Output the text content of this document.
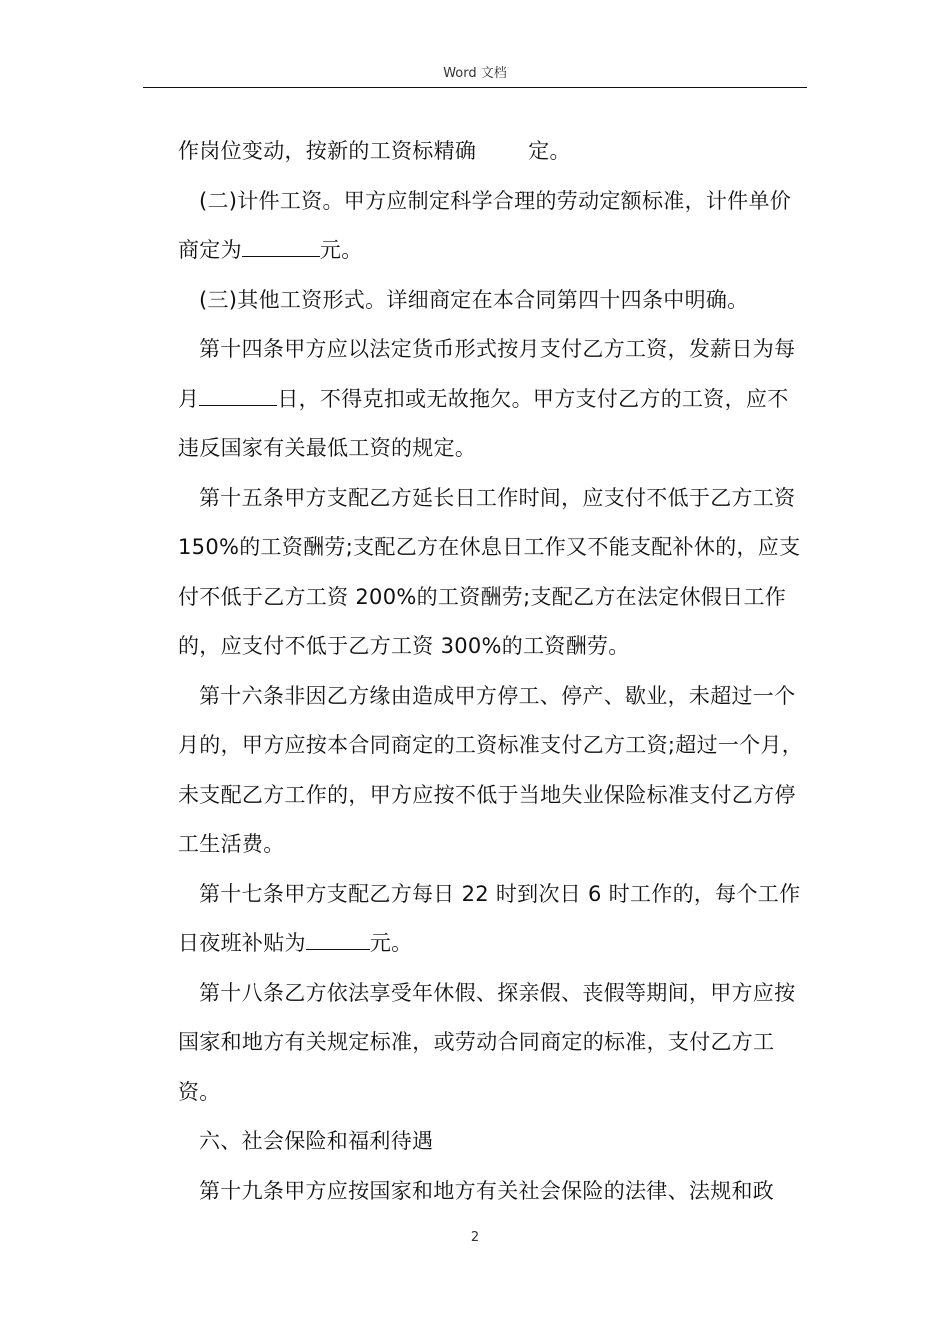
Word 文档

作岗位变动，按新的工资标精确 定。

(二)计件工资。甲方应制定科学合理的劳动定额标准，计件单价商定为	元。

(三)其他工资形式。详细商定在本合同第四十四条中明确。

第十四条甲方应以法定货币形式按月支付乙方工资，发薪日为每月	日，不得克扣或无故拖欠。甲方支付乙方的工资，应不违反国家有关最低工资的规定。

第十五条甲方支配乙方延长日工作时间，应支付不低于乙方工资 150%的工资酬劳;支配乙方在休息日工作又不能支配补休的，应支付不低于乙方工资 200%的工资酬劳;支配乙方在法定休假日工作的，应支付不低于乙方工资 300%的工资酬劳。

第十六条非因乙方缘由造成甲方停工、停产、歇业，未超过一个月的，甲方应按本合同商定的工资标准支付乙方工资;超过一个月，未支配乙方工作的，甲方应按不低于当地失业保险标准支付乙方停工生活费。

第十七条甲方支配乙方每日 22 时到次日 6 时工作的，每个工作日夜班补贴为	元。

第十八条乙方依法享受年休假、探亲假、丧假等期间，甲方应按国家和地方有关规定标准，或劳动合同商定的标准，支付乙方工资。

六、社会保险和福利待遇

第十九条甲方应按国家和地方有关社会保险的法律、法规和政

2
